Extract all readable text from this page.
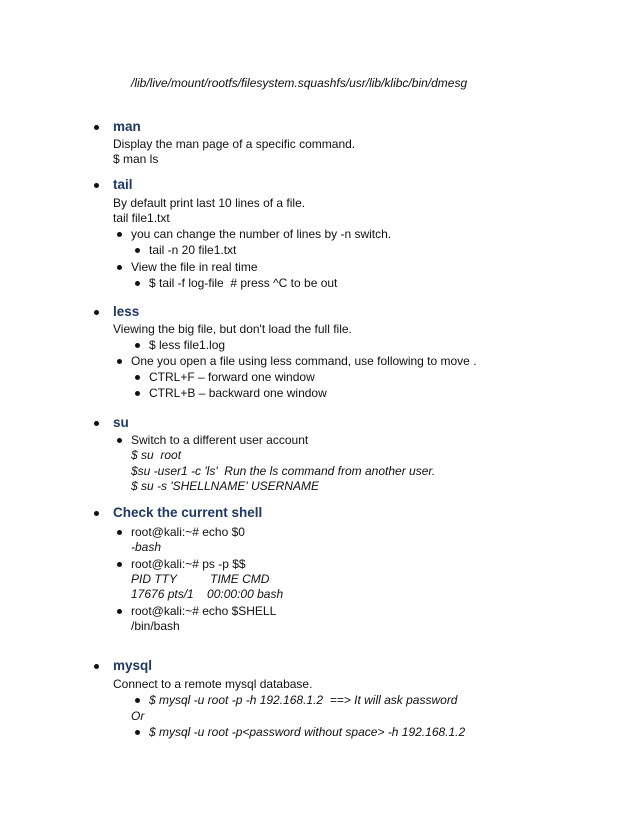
/lib/live/mount/rootfs/filesystem.squashfs/usr/lib/klibc/bin/dmesg
man
Display the man page of a specific command.
$ man ls
tail
By default print last 10 lines of a file.
tail file1.txt
you can change the number of lines by -n switch.
tail -n 20 file1.txt
View the file in real time
$ tail -f log-file  # press ^C to be out
less
Viewing the big file, but don't load the full file.
$ less file1.log
One you open a file using less command, use following to move .
CTRL+F – forward one window
CTRL+B – backward one window
su
Switch to a different user account
$ su  root
$su -user1 -c 'ls'  Run the ls command from another user.
$ su -s 'SHELLNAME' USERNAME
Check the current shell
root@kali:~# echo $0
-bash
root@kali:~# ps -p $$
PID TTY          TIME CMD
17676 pts/1    00:00:00 bash
root@kali:~# echo $SHELL
/bin/bash
mysql
Connect to a remote mysql database.
$ mysql -u root -p -h 192.168.1.2  ==> It will ask password
Or
$ mysql -u root -p<password without space> -h 192.168.1.2
